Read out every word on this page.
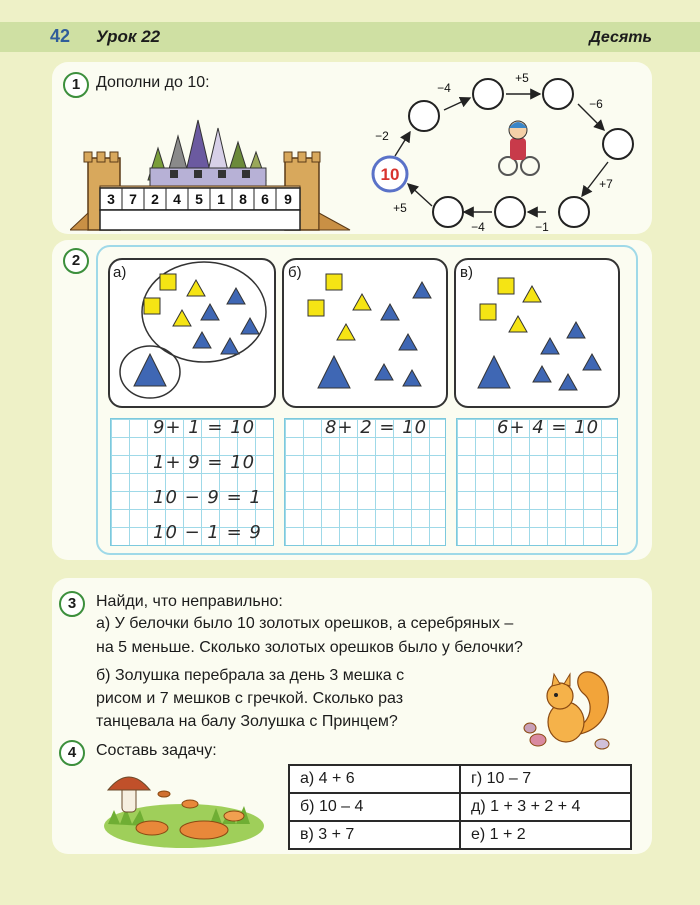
42 Урок 22	Десять
1 Дополни до 10:
3 7 2 4 5 1 8 6 9
10
−2
−4
+5
−6
+7
−1
−4
+5
2
а)	б)	в)
9+ 1 = 10
1+ 9 = 10
10 − 9 = 1
10 − 1 = 9
8+ 2 = 10	6+ 4 = 10
3	Найди, что неправильно:
а) У белочки было 10 золотых орешков, а серебряных –
на 5 меньше. Сколько золотых орешков было у белочки?
б) Золушка перебрала за день 3 мешка с
рисом и 7 мешков с гречкой. Сколько раз
танцевала на балу Золушка с Принцем?
4	Составь задачу:
а) 4 + 6	г) 10 – 7
б) 10 – 4	д) 1 + 3 + 2 + 4
в) 3 + 7	е) 1 + 2
